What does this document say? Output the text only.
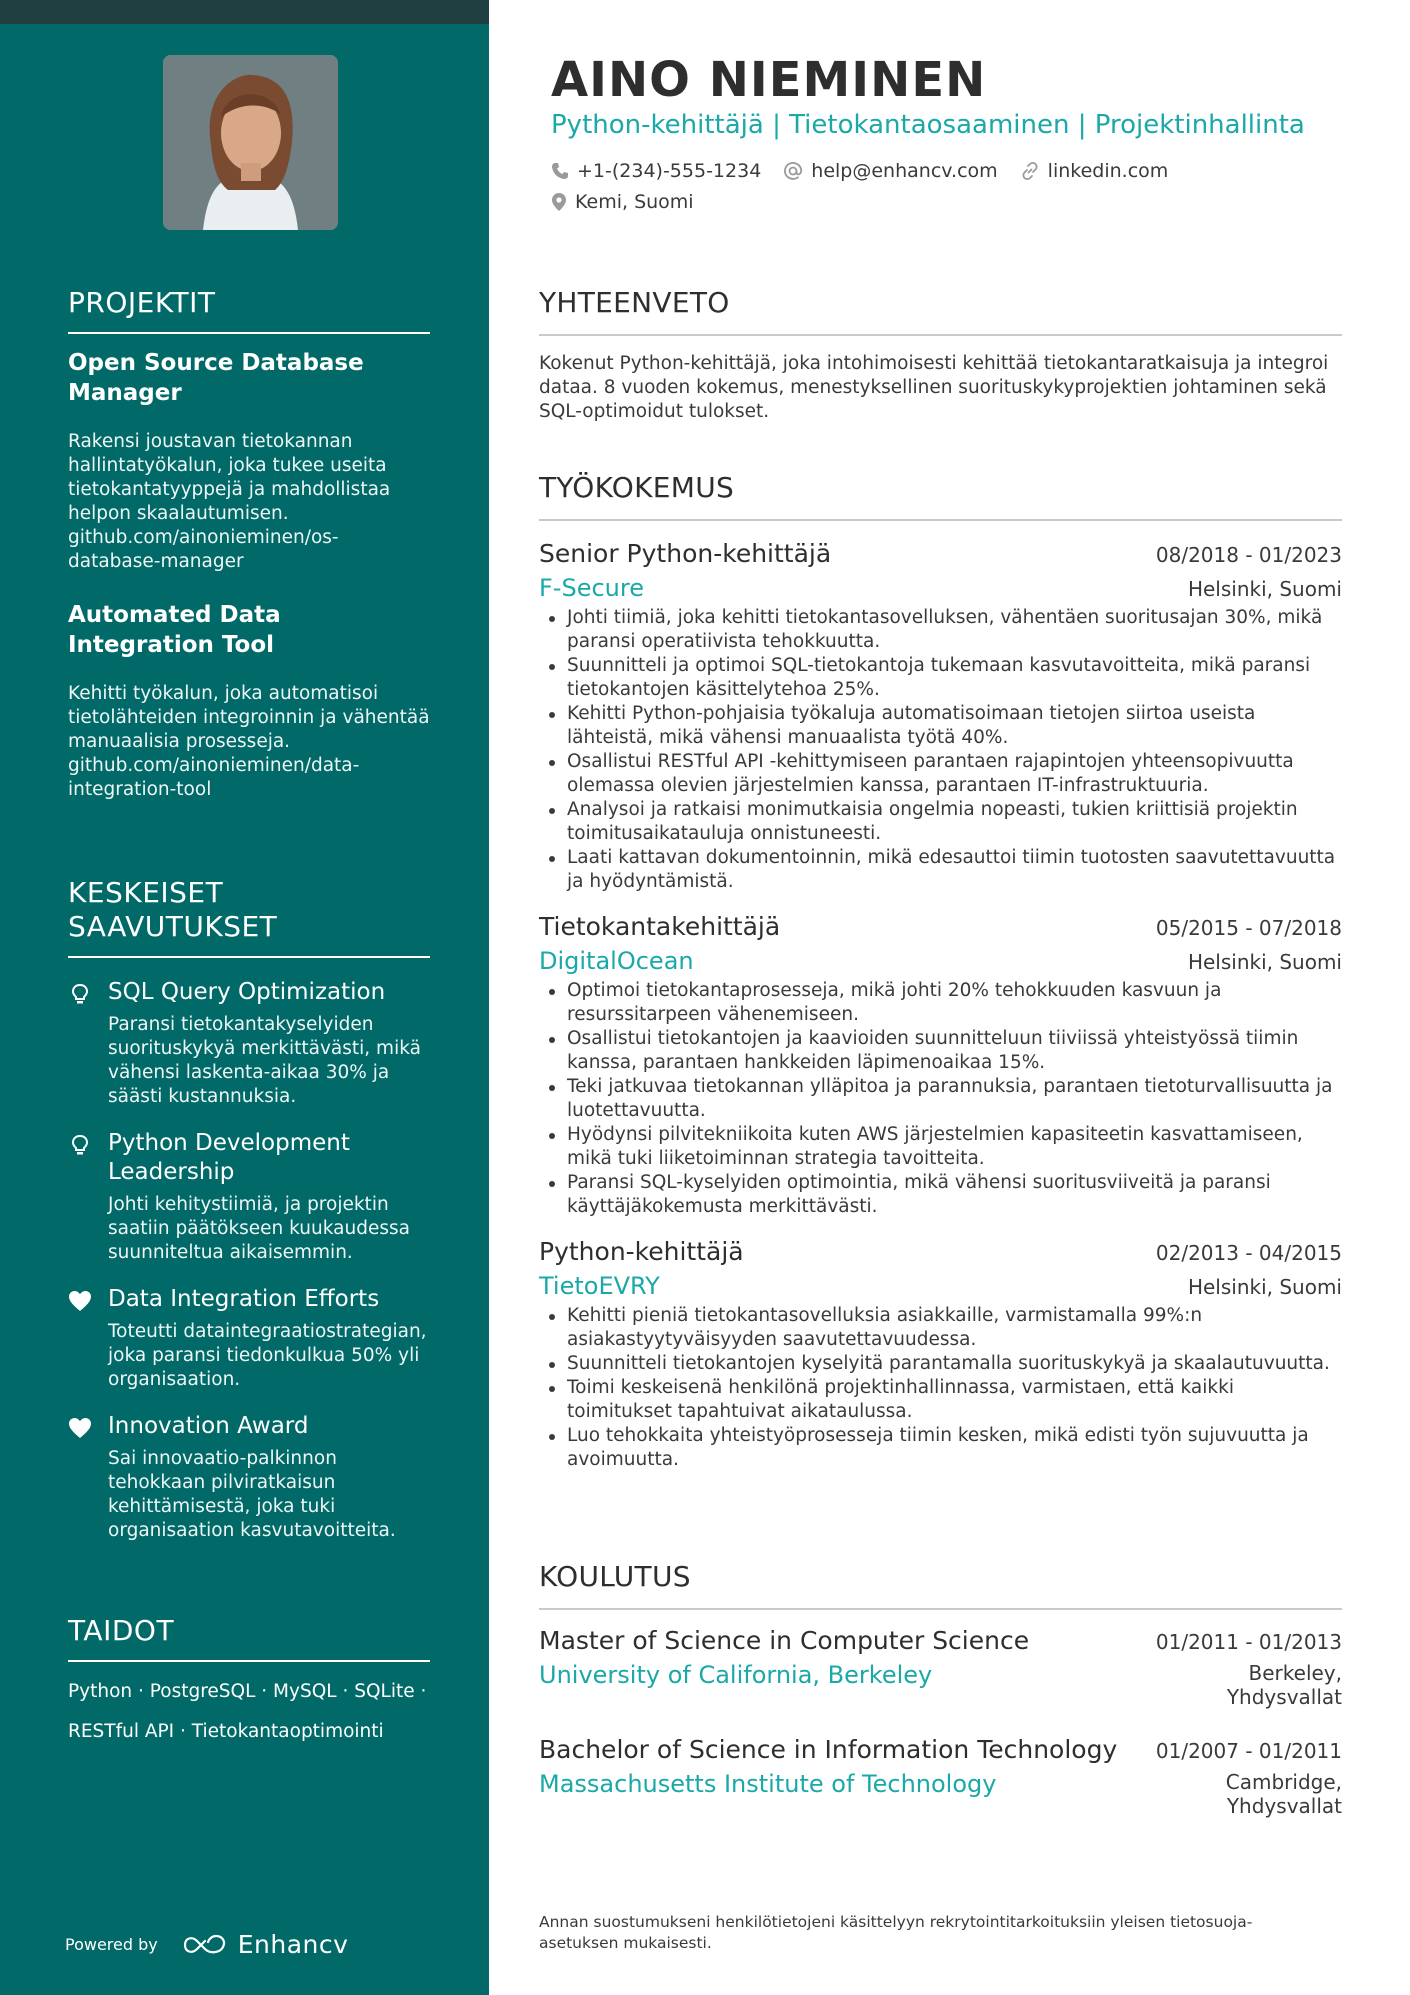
PROJEKTIT
Open Source Database Manager
Rakensi joustavan tietokannan hallintatyökalun, joka tukee useita tietokantatyyppejä ja mahdollistaa helpon skaalautumisen. github.com/ainonieminen/os-database-manager
Automated Data Integration Tool
Kehitti työkalun, joka automatisoi tietolähteiden integroinnin ja vähentää manuaalisia prosesseja. github.com/ainonieminen/data-integration-tool
KESKEISET SAAVUTUKSET
SQL Query Optimization
Paransi tietokantakyselyiden suorituskykyä merkittävästi, mikä vähensi laskenta-aikaa 30% ja säästi kustannuksia.
Python Development Leadership
Johti kehitystiimiä, ja projektin saatiin päätökseen kuukaudessa suunniteltua aikaisemmin.
Data Integration Efforts
Toteutti dataintegraatiostrategian, joka paransi tiedonkulkua 50% yli organisaation.
Innovation Award
Sai innovaatio-palkinnon tehokkaan pilviratkaisun kehittämisestä, joka tuki organisaation kasvutavoitteita.
TAIDOT
Python · PostgreSQL · MySQL · SQLite ·
RESTful API · Tietokantaoptimointi
Powered by	Enhancv
AINO NIEMINEN
Python-kehittäjä | Tietokantaosaaminen | Projektinhallinta
+1-(234)-555-1234	help@enhancv.com	linkedin.com
Kemi, Suomi
YHTEENVETO

Kokenut Python-kehittäjä, joka intohimoisesti kehittää tietokantaratkaisuja ja integroi dataa. 8 vuoden kokemus, menestyksellinen suorituskykyprojektien johtaminen sekä SQL-optimoidut tulokset.

TYÖKOKEMUS
Senior Python-kehittäjä	08/2018 - 01/2023
F-Secure	Helsinki, Suomi
Johti tiimiä, joka kehitti tietokantasovelluksen, vähentäen suoritusajan 30%, mikä paransi operatiivista tehokkuutta.
Suunnitteli ja optimoi SQL-tietokantoja tukemaan kasvutavoitteita, mikä paransi tietokantojen käsittelytehoa 25%.
Kehitti Python-pohjaisia työkaluja automatisoimaan tietojen siirtoa useista lähteistä, mikä vähensi manuaalista työtä 40%.
Osallistui RESTful API -kehittymiseen parantaen rajapintojen yhteensopivuutta olemassa olevien järjestelmien kanssa, parantaen IT-infrastruktuuria.
Analysoi ja ratkaisi monimutkaisia ongelmia nopeasti, tukien kriittisiä projektin toimitusaikatauluja onnistuneesti.
Laati kattavan dokumentoinnin, mikä edesauttoi tiimin tuotosten saavutettavuutta ja hyödyntämistä.
Tietokantakehittäjä	05/2015 - 07/2018
DigitalOcean	Helsinki, Suomi
Optimoi tietokantaprosesseja, mikä johti 20% tehokkuuden kasvuun ja resurssitarpeen vähenemiseen.
Osallistui tietokantojen ja kaavioiden suunnitteluun tiiviissä yhteistyössä tiimin kanssa, parantaen hankkeiden läpimenoaikaa 15%.
Teki jatkuvaa tietokannan ylläpitoa ja parannuksia, parantaen tietoturvallisuutta ja luotettavuutta.
Hyödynsi pilvitekniikoita kuten AWS järjestelmien kapasiteetin kasvattamiseen, mikä tuki liiketoiminnan strategia tavoitteita.
Paransi SQL-kyselyiden optimointia, mikä vähensi suoritusviiveitä ja paransi käyttäjäkokemusta merkittävästi.
Python-kehittäjä	02/2013 - 04/2015
TietoEVRY	Helsinki, Suomi
Kehitti pieniä tietokantasovelluksia asiakkaille, varmistamalla 99%:n asiakastyytyväisyyden saavutettavuudessa.
Suunnitteli tietokantojen kyselyitä parantamalla suorituskykyä ja skaalautuvuutta.
Toimi keskeisenä henkilönä projektinhallinnassa, varmistaen, että kaikki toimitukset tapahtuivat aikataulussa.
Luo tehokkaita yhteistyöprosesseja tiimin kesken, mikä edisti työn sujuvuutta ja avoimuutta.
KOULUTUS
Master of Science in Computer Science	01/2011 - 01/2013
University of California, Berkeley	Berkeley,
Yhdysvallat
Bachelor of Science in Information Technology 01/2007 - 01/2011
Massachusetts Institute of Technology	Cambridge,
Yhdysvallat
Annan suostumukseni henkilötietojeni käsittelyyn rekrytointitarkoituksiin yleisen tietosuoja-asetuksen mukaisesti.
